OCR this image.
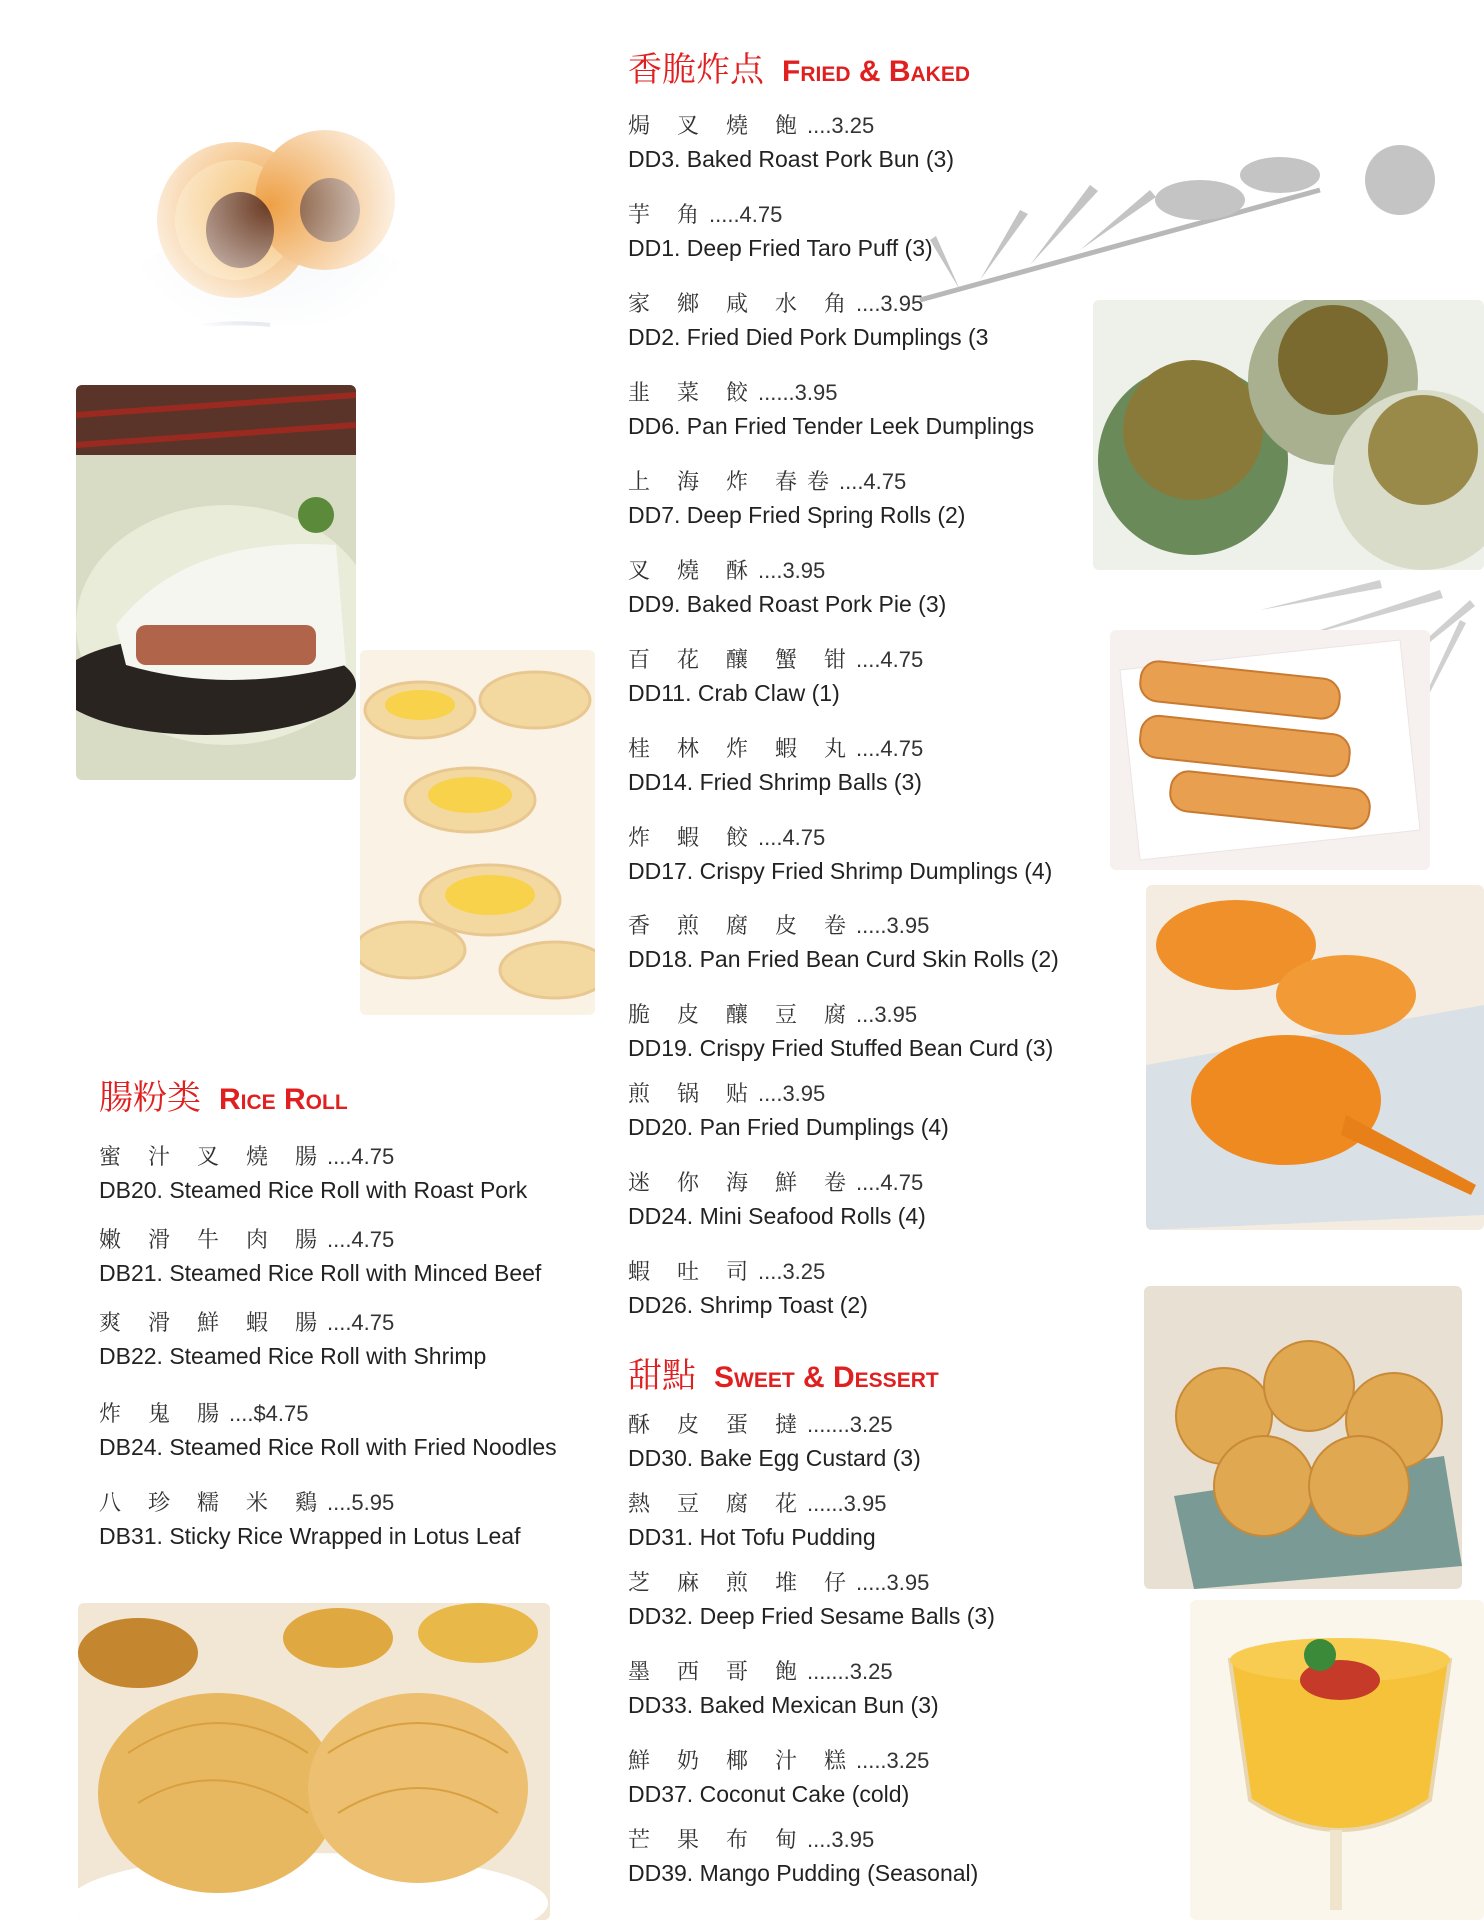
香脆炸点 Fried & Baked
焗 叉 燒 飽....3.25
DD3. Baked Roast Pork Bun (3)
芋 角.....4.75
DD1. Deep Fried Taro Puff (3)
家 鄉 咸 水 角....3.95
DD2. Fried Died Pork Dumplings (3
韭 菜 餃......3.95
DD6. Pan Fried Tender Leek Dumplings
上 海 炸 春卷....4.75
DD7. Deep Fried Spring Rolls (2)
叉 燒 酥....3.95
DD9. Baked Roast Pork Pie (3)
百 花 釀 蟹 钳....4.75
DD11. Crab Claw (1)
桂 林 炸 蝦 丸....4.75
DD14. Fried Shrimp Balls (3)
炸 蝦 餃....4.75
DD17. Crispy Fried Shrimp Dumplings (4)
香 煎 腐 皮 卷.....3.95
DD18. Pan Fried Bean Curd Skin Rolls (2)
脆 皮 釀 豆 腐...3.95
DD19. Crispy Fried Stuffed Bean Curd (3)
煎 锅 贴....3.95
DD20. Pan Fried Dumplings (4)
迷 你 海 鮮 卷....4.75
DD24. Mini Seafood Rolls (4)
蝦 吐 司....3.25
DD26. Shrimp Toast (2)
腸粉类 Rice Roll
蜜 汁 叉 燒 腸....4.75
DB20. Steamed Rice Roll with Roast Pork
嫩 滑 牛 肉 腸....4.75
DB21. Steamed Rice Roll with Minced Beef
爽 滑 鮮 蝦 腸....4.75
DB22. Steamed Rice Roll with Shrimp
炸 鬼 腸....$4.75
DB24. Steamed Rice Roll with Fried Noodles
八 珍 糯 米 鷄....5.95
DB31. Sticky Rice Wrapped in Lotus Leaf
甜點 Sweet & Dessert
酥 皮 蛋 撻.......3.25
DD30. Bake Egg Custard (3)
熱 豆 腐 花......3.95
DD31. Hot Tofu Pudding
芝 麻 煎 堆 仔.....3.95
DD32. Deep Fried Sesame Balls (3)
墨 西 哥 飽.......3.25
DD33. Baked Mexican Bun (3)
鮮 奶 椰 汁 糕.....3.25
DD37. Coconut Cake (cold)
芒 果 布 甸....3.95
DD39. Mango Pudding (Seasonal)
